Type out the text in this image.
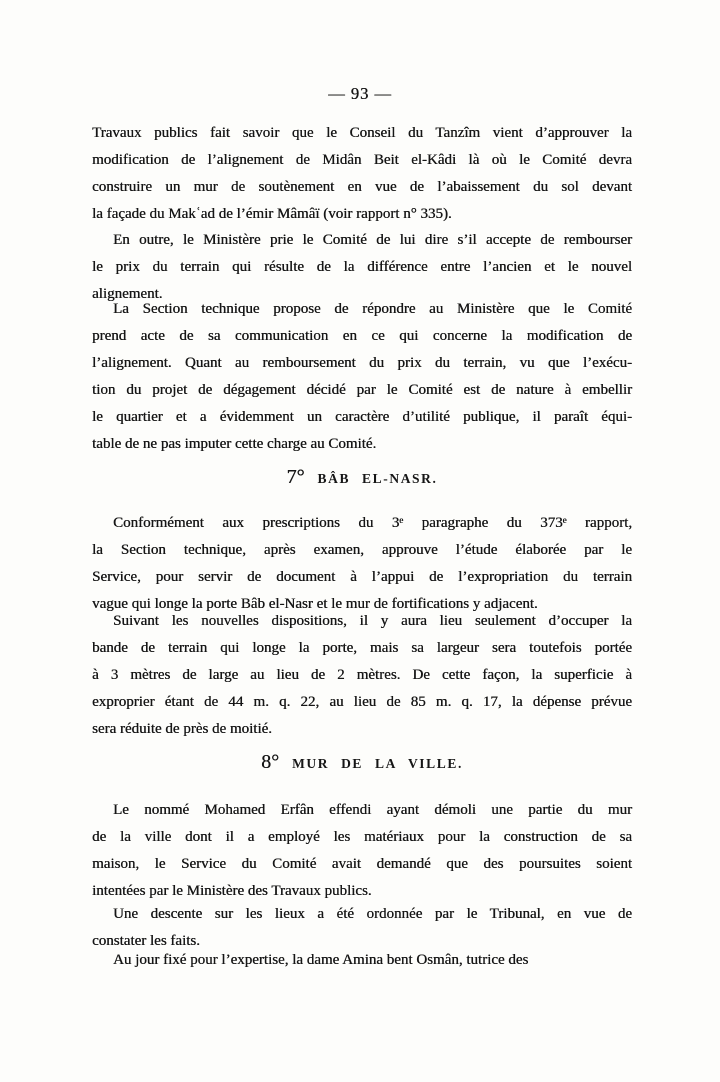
— 93 —
Travaux publics fait savoir que le Conseil du Tanzîm vient d’approuver la
modification de l’alignement de Midân Beit el-Kâdi là où le Comité devra
construire un mur de soutènement en vue de l’abaissement du sol devant
la façade du Makʿad de l’émir Mâmâï (voir rapport n° 335).
En outre, le Ministère prie le Comité de lui dire s’il accepte de rembourser
le prix du terrain qui résulte de la différence entre l’ancien et le nouvel
alignement.
La Section technique propose de répondre au Ministère que le Comité
prend acte de sa communication en ce qui concerne la modification de
l’alignement. Quant au remboursement du prix du terrain, vu que l’exécu-
tion du projet de dégagement décidé par le Comité est de nature à embellir
le quartier et a évidemment un caractère d’utilité publique, il paraît équi-
table de ne pas imputer cette charge au Comité.
7° BÂB EL-NASR.
Conformément aux prescriptions du 3ᵉ paragraphe du 373ᵉ rapport,
la Section technique, après examen, approuve l’étude élaborée par le
Service, pour servir de document à l’appui de l’expropriation du terrain
vague qui longe la porte Bâb el-Nasr et le mur de fortifications y adjacent.
Suivant les nouvelles dispositions, il y aura lieu seulement d’occuper la
bande de terrain qui longe la porte, mais sa largeur sera toutefois portée
à 3 mètres de large au lieu de 2 mètres. De cette façon, la superficie à
exproprier étant de 44 m. q. 22, au lieu de 85 m. q. 17, la dépense prévue
sera réduite de près de moitié.
8° MUR DE LA VILLE.
Le nommé Mohamed Erfân effendi ayant démoli une partie du mur
de la ville dont il a employé les matériaux pour la construction de sa
maison, le Service du Comité avait demandé que des poursuites soient
intentées par le Ministère des Travaux publics.
Une descente sur les lieux a été ordonnée par le Tribunal, en vue de
constater les faits.
Au jour fixé pour l’expertise, la dame Amina bent Osmân, tutrice des
